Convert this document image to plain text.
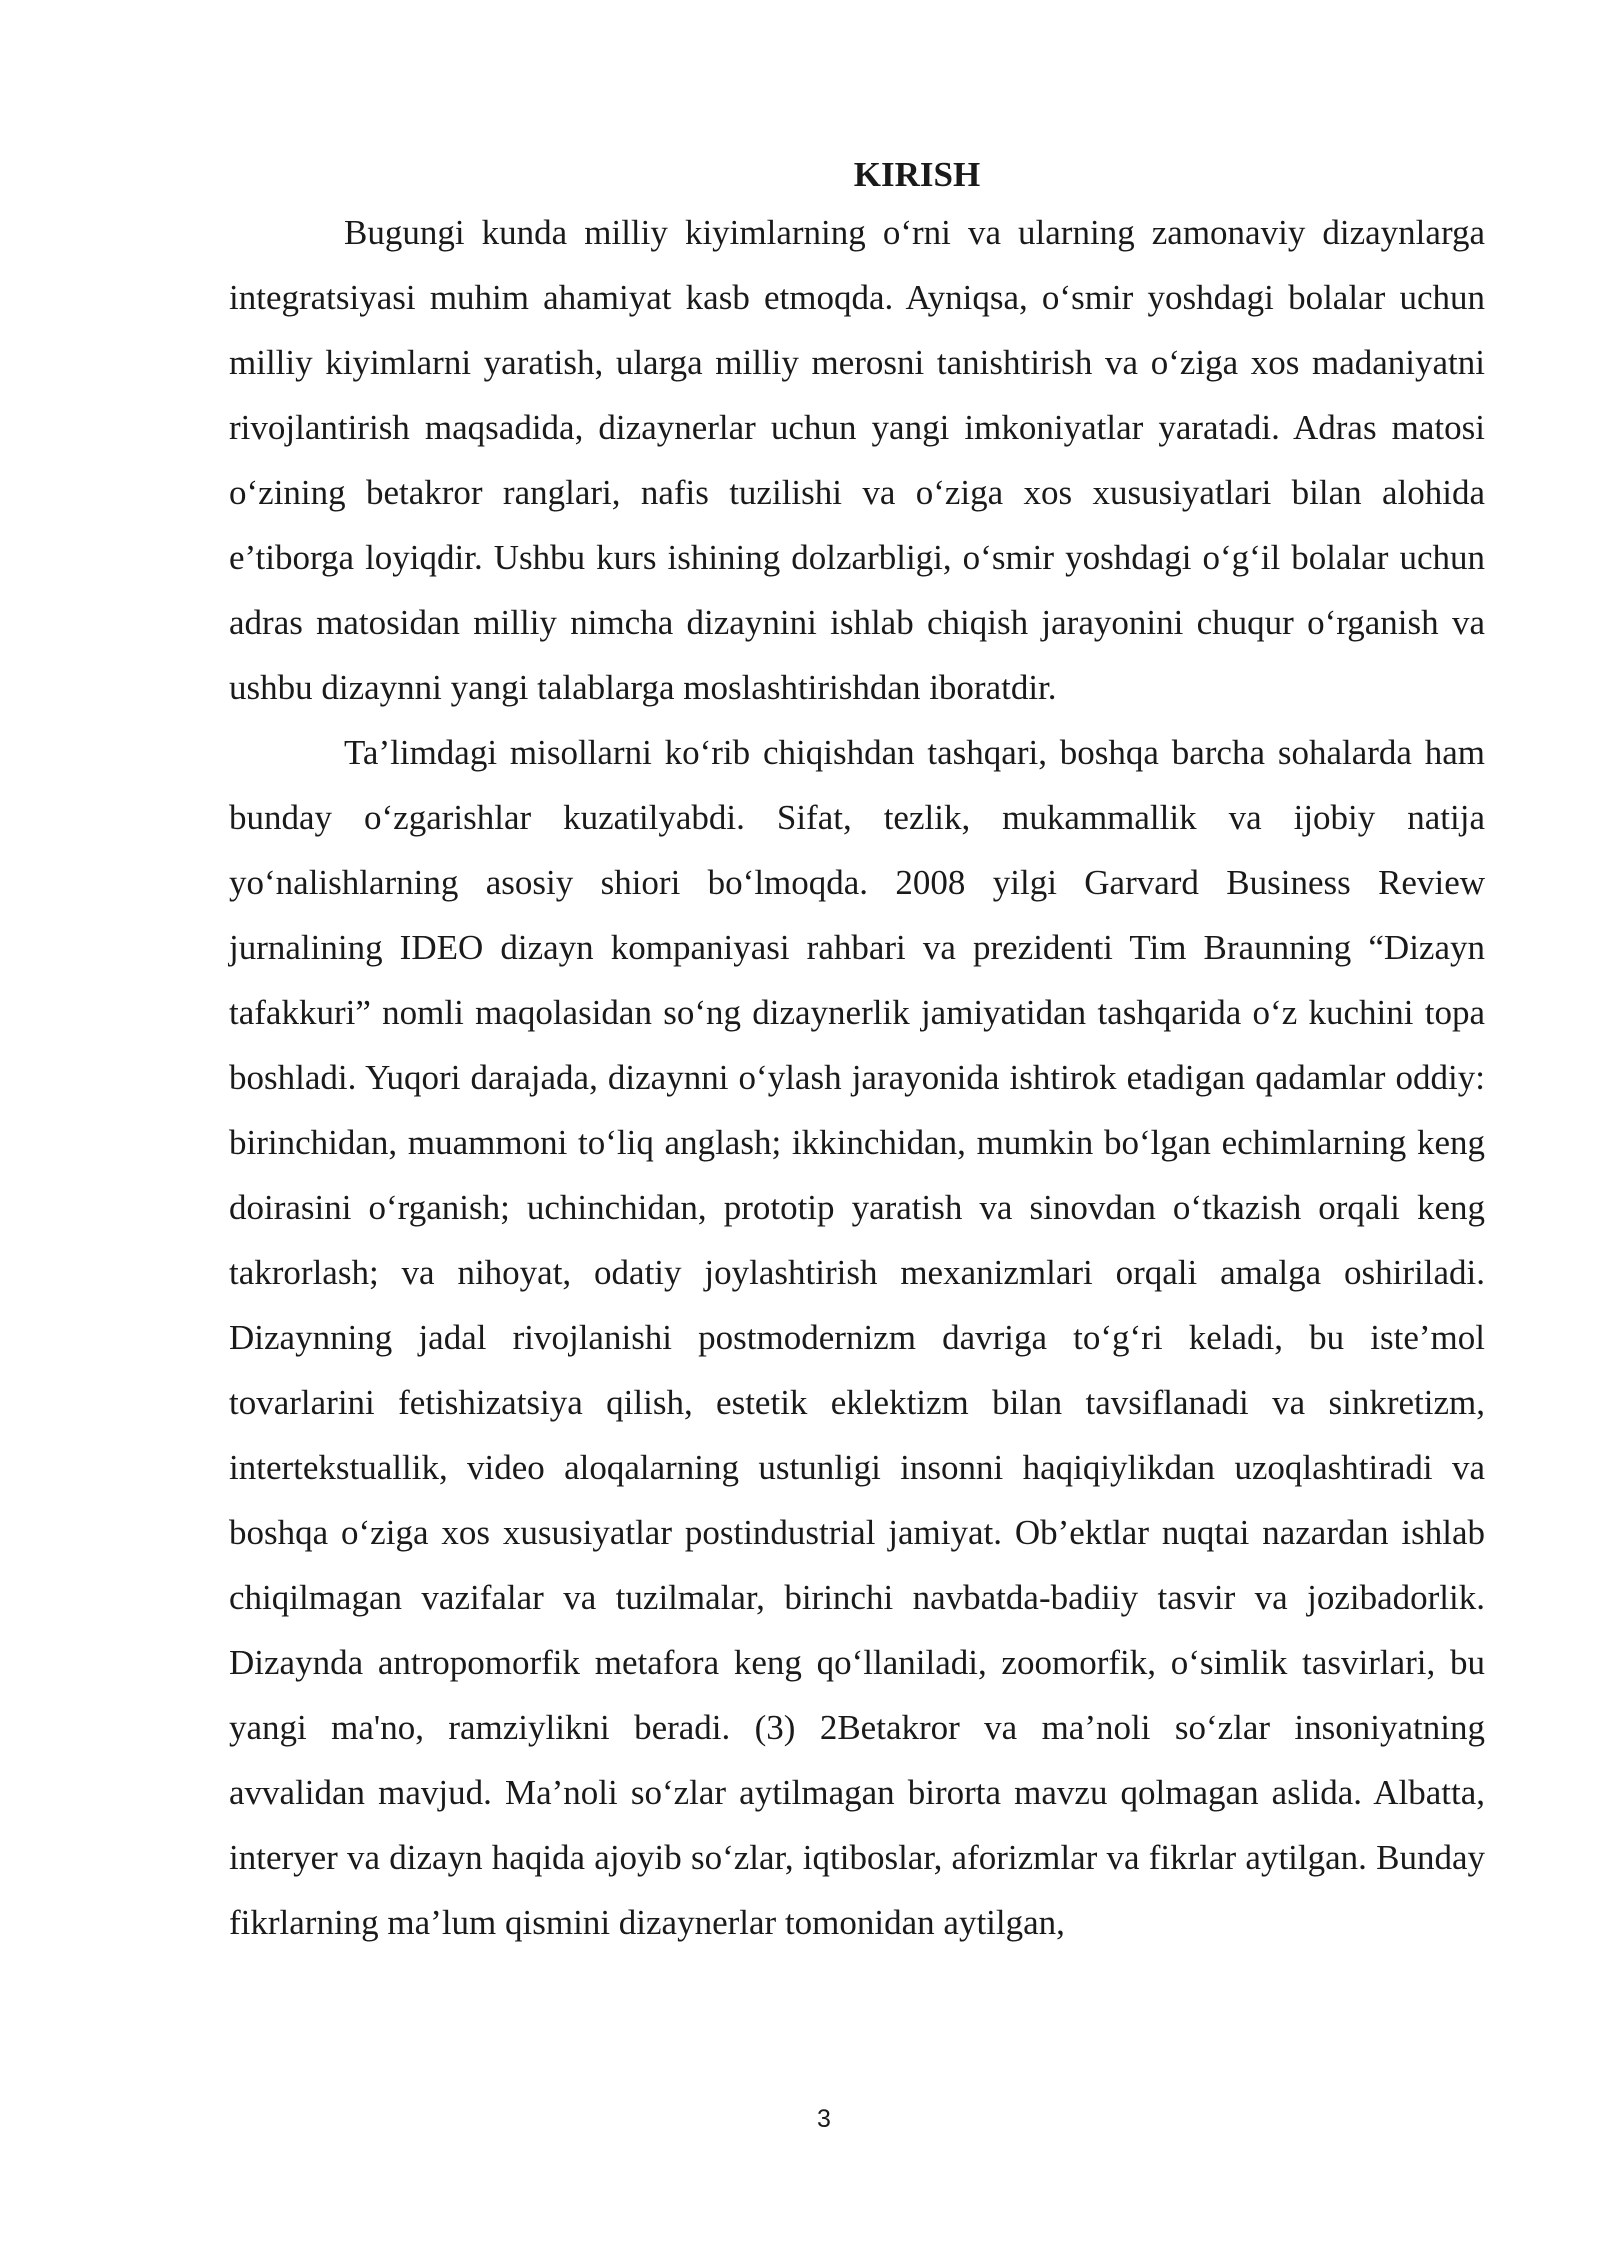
KIRISH

Bugungi kunda milliy kiyimlarning o‘rni va ularning zamonaviy dizaynlarga integratsiyasi muhim ahamiyat kasb etmoqda. Ayniqsa, o‘smir yoshdagi bolalar uchun milliy kiyimlarni yaratish, ularga milliy merosni tanishtirish va o‘ziga xos madaniyatni rivojlantirish maqsadida, dizaynerlar uchun yangi imkoniyatlar yaratadi. Adras matosi o‘zining betakror ranglari, nafis tuzilishi va o‘ziga xos xususiyatlari bilan alohida e’tiborga loyiqdir. Ushbu kurs ishining dolzarbligi, o‘smir yoshdagi o‘g‘il bolalar uchun adras matosidan milliy nimcha dizaynini ishlab chiqish jarayonini chuqur o‘rganish va ushbu dizaynni yangi talablarga moslashtirishdan iboratdir.

Ta’limdagi misollarni ko‘rib chiqishdan tashqari, boshqa barcha sohalarda ham bunday o‘zgarishlar kuzatilyabdi. Sifat, tezlik, mukammallik va ijobiy natija yo‘nalishlarning asosiy shiori bo‘lmoqda. 2008 yilgi Garvard Business Review jurnalining IDEO dizayn kompaniyasi rahbari va prezidenti Tim Braunning “Dizayn tafakkuri” nomli maqolasidan so‘ng dizaynerlik jamiyatidan tashqarida o‘z kuchini topa boshladi. Yuqori darajada, dizaynni o‘ylash jarayonida ishtirok etadigan qadamlar oddiy: birinchidan, muammoni to‘liq anglash; ikkinchidan, mumkin bo‘lgan echimlarning keng doirasini o‘rganish; uchinchidan, prototip yaratish va sinovdan o‘tkazish orqali keng takrorlash; va nihoyat, odatiy joylashtirish mexanizmlari orqali amalga oshiriladi. Dizaynning jadal rivojlanishi postmodernizm davriga to‘g‘ri keladi, bu iste’mol tovarlarini fetishizatsiya qilish, estetik eklektizm bilan tavsiflanadi va sinkretizm, intertekstuallik, video aloqalarning ustunligi insonni haqiqiylikdan uzoqlashtiradi va boshqa o‘ziga xos xususiyatlar postindustrial jamiyat. Ob’ektlar nuqtai nazardan ishlab chiqilmagan vazifalar va tuzilmalar, birinchi navbatda-badiiy tasvir va jozibadorlik. Dizaynda antropomorfik metafora keng qo‘llaniladi, zoomorfik, o‘simlik tasvirlari, bu yangi ma'no, ramziylikni beradi. (3) 2Betakror va ma’noli so‘zlar insoniyatning avvalidan mavjud. Ma’noli so‘zlar aytilmagan birorta mavzu qolmagan aslida. Albatta, interyer va dizayn haqida ajoyib so‘zlar, iqtiboslar, aforizmlar va fikrlar aytilgan. Bunday fikrlarning ma’lum qismini dizaynerlar tomonidan aytilgan,

3
